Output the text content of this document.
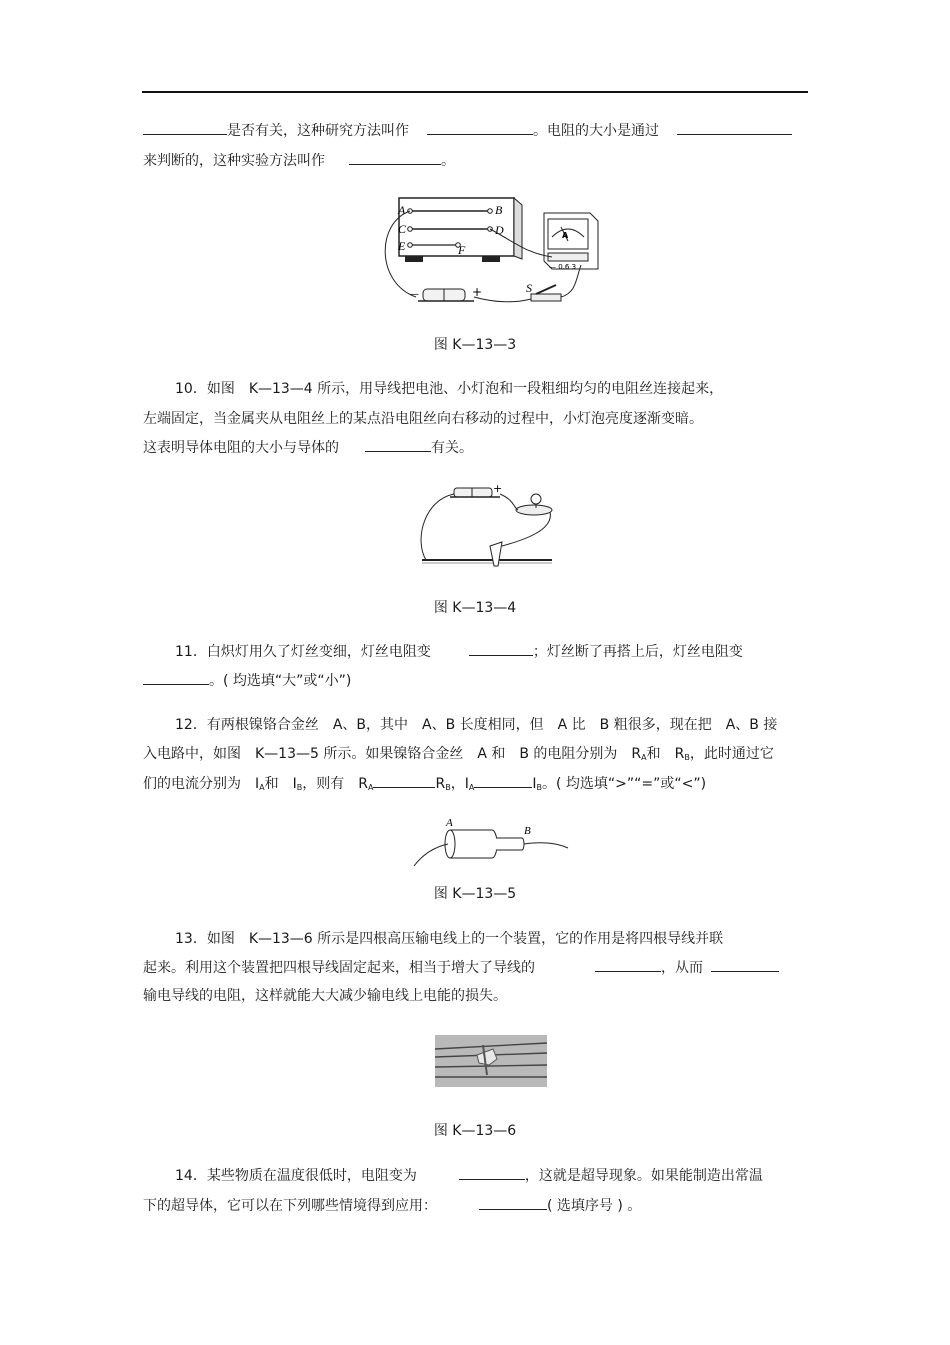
是否有关，这种研究方法叫作	。电阻的大小是通过
来判断的，这种实验方法叫作	。
A	B
C	D
E	F
A
— 0.6 3
—	+	S
图 K—13—3
10．如图　K—13—4 所示，用导线把电池、小灯泡和一段粗细均匀的电阻丝连接起来，
左端固定，当金属夹从电阻丝上的某点沿电阻丝向右移动的过程中，小灯泡亮度逐渐变暗。
这表明导体电阻的大小与导体的	有关。
+
图 K—13—4
11．白炽灯用久了灯丝变细，灯丝电阻变	；灯丝断了再搭上后，灯丝电阻变
。( 均选填“大”或“小”)
12．有两根镍铬合金丝　A、B，其中　A、B 长度相同，但　A 比　B 粗很多，现在把　A、B 接
入电路中，如图　K—13—5 所示。如果镍铬合金丝　A 和　B 的电阻分别为　$R_A$和　$R_B$，此时通过它
们的电流分别为　$I_A$和　$I_B$，则有　$R_A$	$R_B$，$I_A$	$I_B$。( 均选填“>”“=”或“<”)
A
B
图 K—13—5
13．如图　K—13—6 所示是四根高压输电线上的一个装置，它的作用是将四根导线并联
起来。利用这个装置把四根导线固定起来，相当于增大了导线的	，从而
输电导线的电阻，这样就能大大减少输电线上电能的损失。
图 K—13—6
14．某些物质在温度很低时，电阻变为	，这就是超导现象。如果能制造出常温
下的超导体，它可以在下列哪些情境得到应用：	( 选填序号 ) 。
